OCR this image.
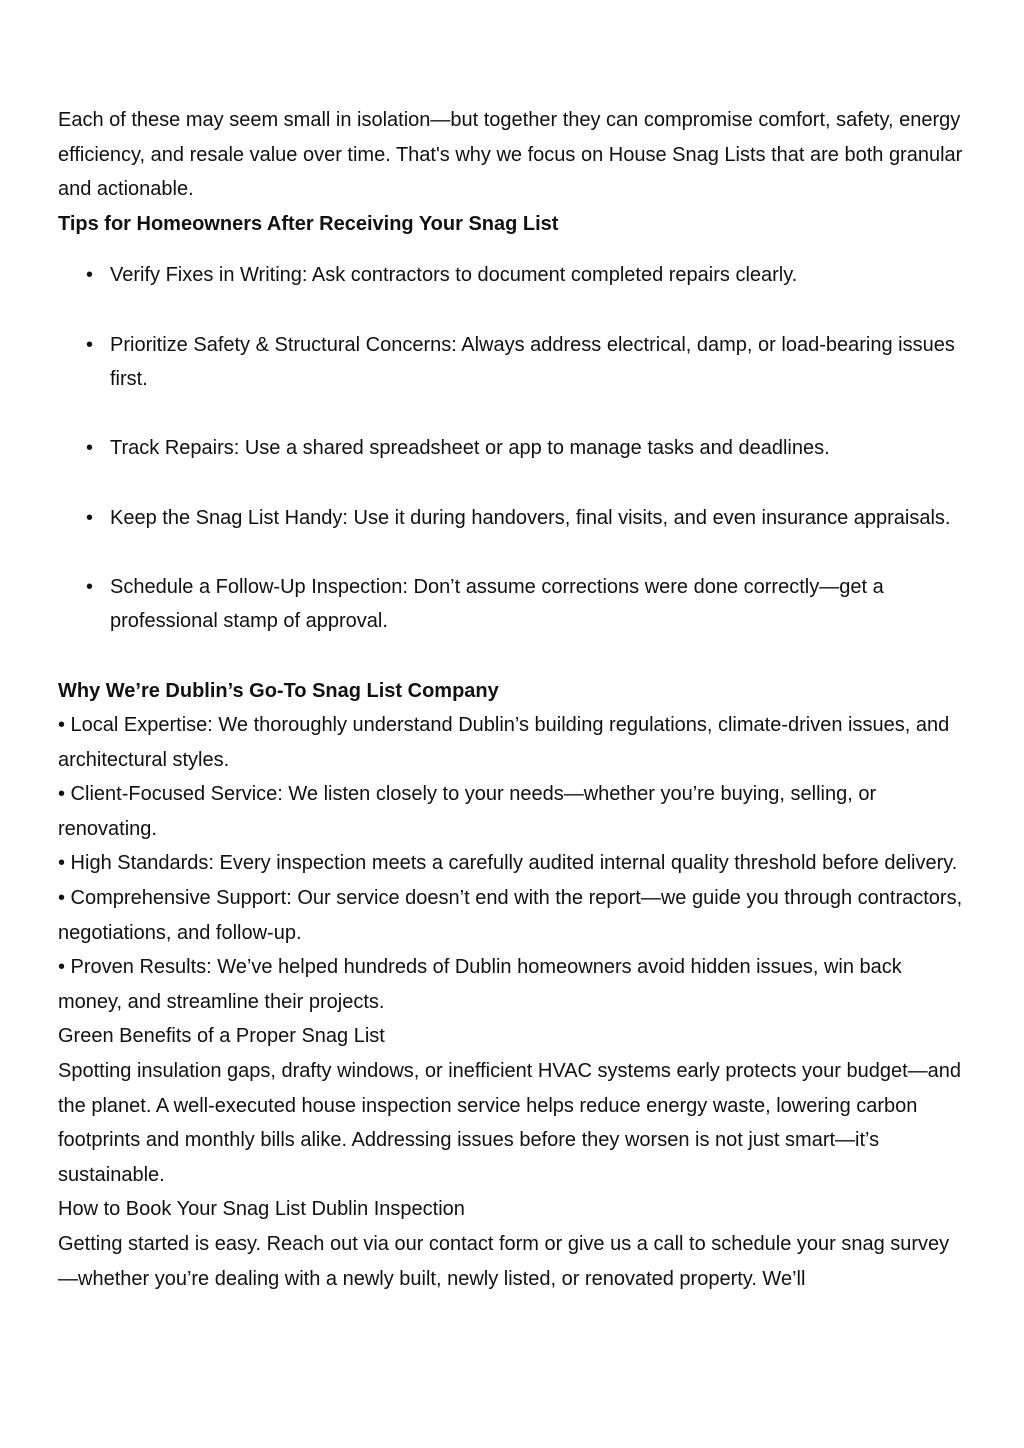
Each of these may seem small in isolation—but together they can compromise comfort, safety, energy efficiency, and resale value over time. That's why we focus on House Snag Lists that are both granular and actionable.

Tips for Homeowners After Receiving Your Snag List

• Verify Fixes in Writing: Ask contractors to document completed repairs clearly.
• Prioritize Safety & Structural Concerns: Always address electrical, damp, or load-bearing issues first.
• Track Repairs: Use a shared spreadsheet or app to manage tasks and deadlines.
• Keep the Snag List Handy: Use it during handovers, final visits, and even insurance appraisals.
• Schedule a Follow-Up Inspection: Don’t assume corrections were done correctly—get a professional stamp of approval.

Why We’re Dublin’s Go-To Snag List Company

• Local Expertise: We thoroughly understand Dublin’s building regulations, climate-driven issues, and architectural styles.

• Client-Focused Service: We listen closely to your needs—whether you’re buying, selling, or renovating.

• High Standards: Every inspection meets a carefully audited internal quality threshold before delivery.

• Comprehensive Support: Our service doesn’t end with the report—we guide you through contractors, negotiations, and follow-up.

• Proven Results: We’ve helped hundreds of Dublin homeowners avoid hidden issues, win back money, and streamline their projects.

Green Benefits of a Proper Snag List

Spotting insulation gaps, drafty windows, or inefficient HVAC systems early protects your budget—and the planet. A well-executed house inspection service helps reduce energy waste, lowering carbon footprints and monthly bills alike. Addressing issues before they worsen is not just smart—it’s sustainable.

How to Book Your Snag List Dublin Inspection

Getting started is easy. Reach out via our contact form or give us a call to schedule your snag survey—whether you’re dealing with a newly built, newly listed, or renovated property. We’ll
